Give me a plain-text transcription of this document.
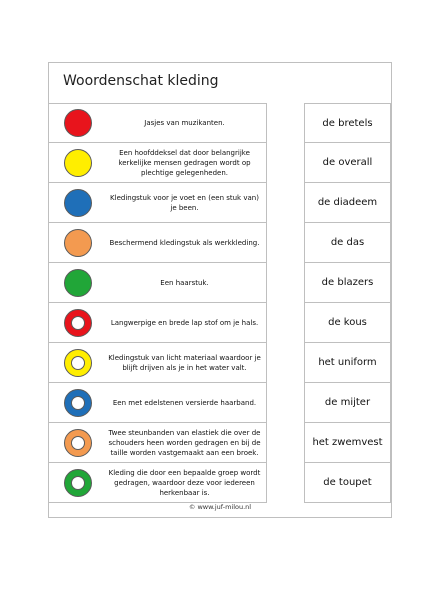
Woordenschat kleding
Jasjes van muzikanten.
Een hoofddeksel dat door belangrijke kerkelijke mensen gedragen wordt op plechtige gelegenheden.
Kledingstuk voor je voet en (een stuk van) je been.
Beschermend kledingstuk als werkkleding.
Een haarstuk.
Langwerpige en brede lap stof om je hals.
Kledingstuk van licht materiaal waardoor je blijft drijven als je in het water valt.
Een met edelstenen versierde haarband.
Twee steunbanden van elastiek die over de schouders heen worden gedragen en bij de taille worden vastgemaakt aan een broek.
Kleding die door een bepaalde groep wordt gedragen, waardoor deze voor iedereen herkenbaar is.
de bretels
de overall
de diadeem
de das
de blazers
de kous
het uniform
de mijter
het zwemvest
de toupet
© www.juf-milou.nl
